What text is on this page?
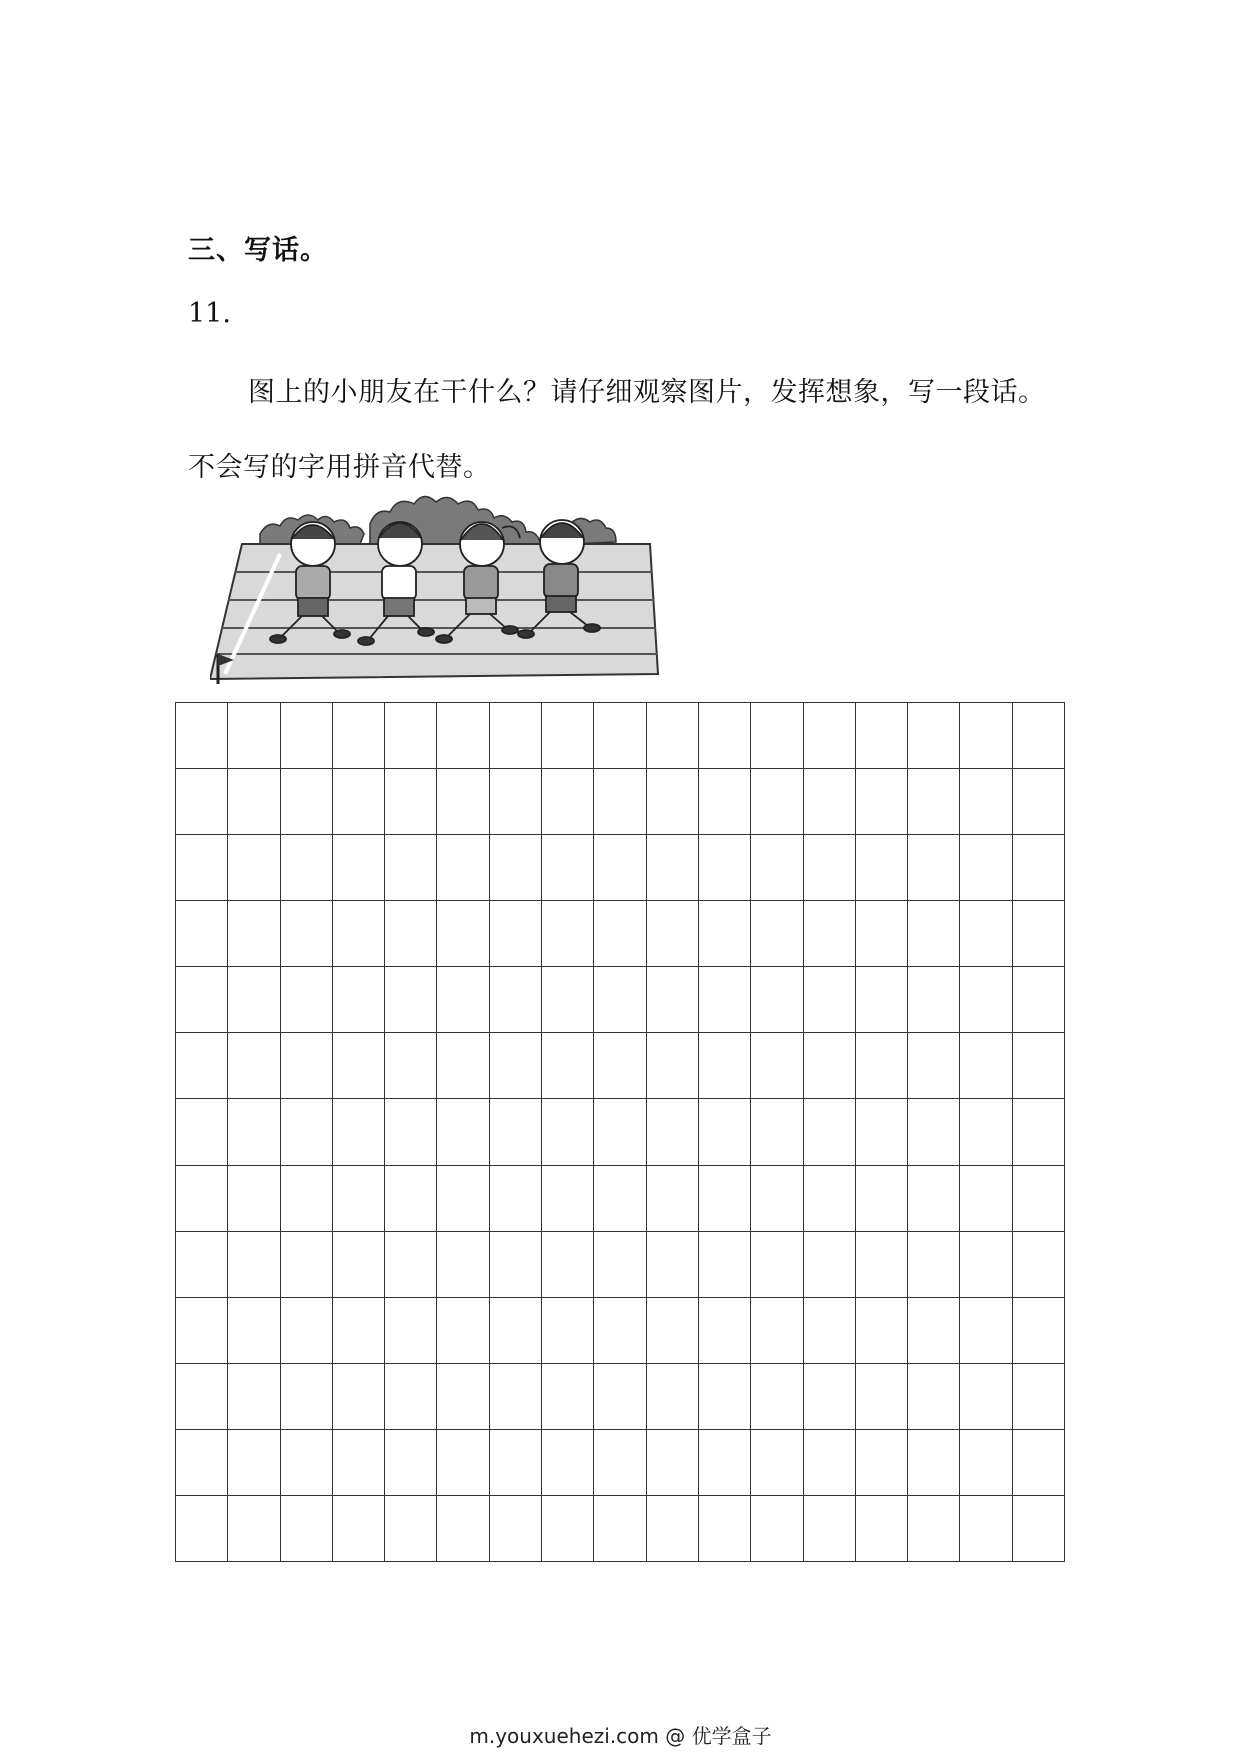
三、写话。
11.
图上的小朋友在干什么？请仔细观察图片，发挥想象，写一段话。不会写的字用拼音代替。
m.youxuehezi.com @ 优学盒子
